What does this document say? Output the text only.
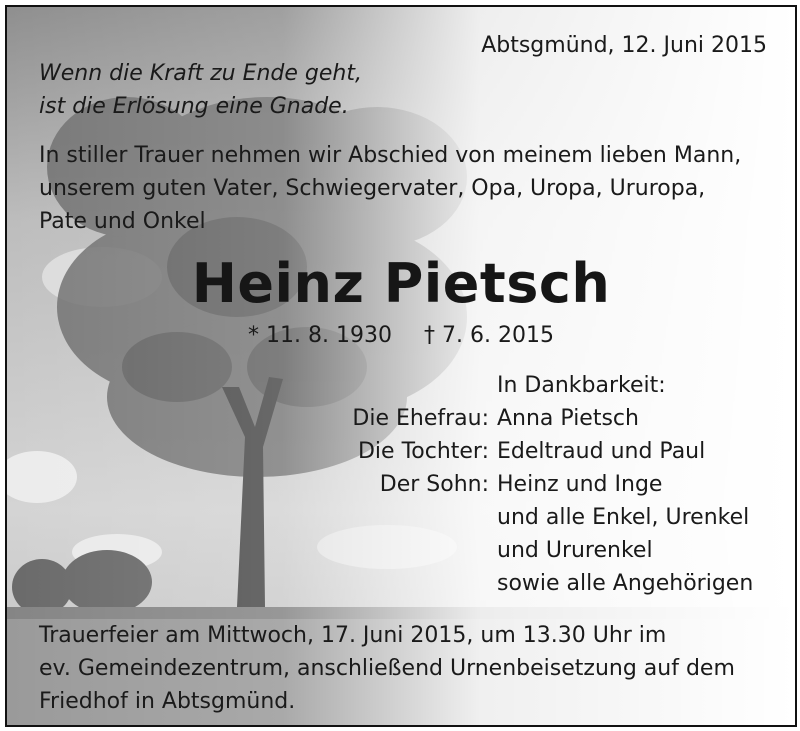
Abtsgmünd, 12. Juni 2015
Wenn die Kraft zu Ende geht,
ist die Erlösung eine Gnade.
In stiller Trauer nehmen wir Abschied von meinem lieben Mann,
unserem guten Vater, Schwiegervater, Opa, Uropa, Ururopa,
Pate und Onkel
Heinz Pietsch
* 11. 8. 1930 † 7. 6. 2015
In Dankbarkeit:
Die Ehefrau: Anna Pietsch
Die Tochter: Edeltraud und Paul
Der Sohn: Heinz und Inge
und alle Enkel, Urenkel
und Ururenkel
sowie alle Angehörigen
Trauerfeier am Mittwoch, 17. Juni 2015, um 13.30 Uhr im
ev. Gemeindezentrum, anschließend Urnenbeisetzung auf dem
Friedhof in Abtsgmünd.
